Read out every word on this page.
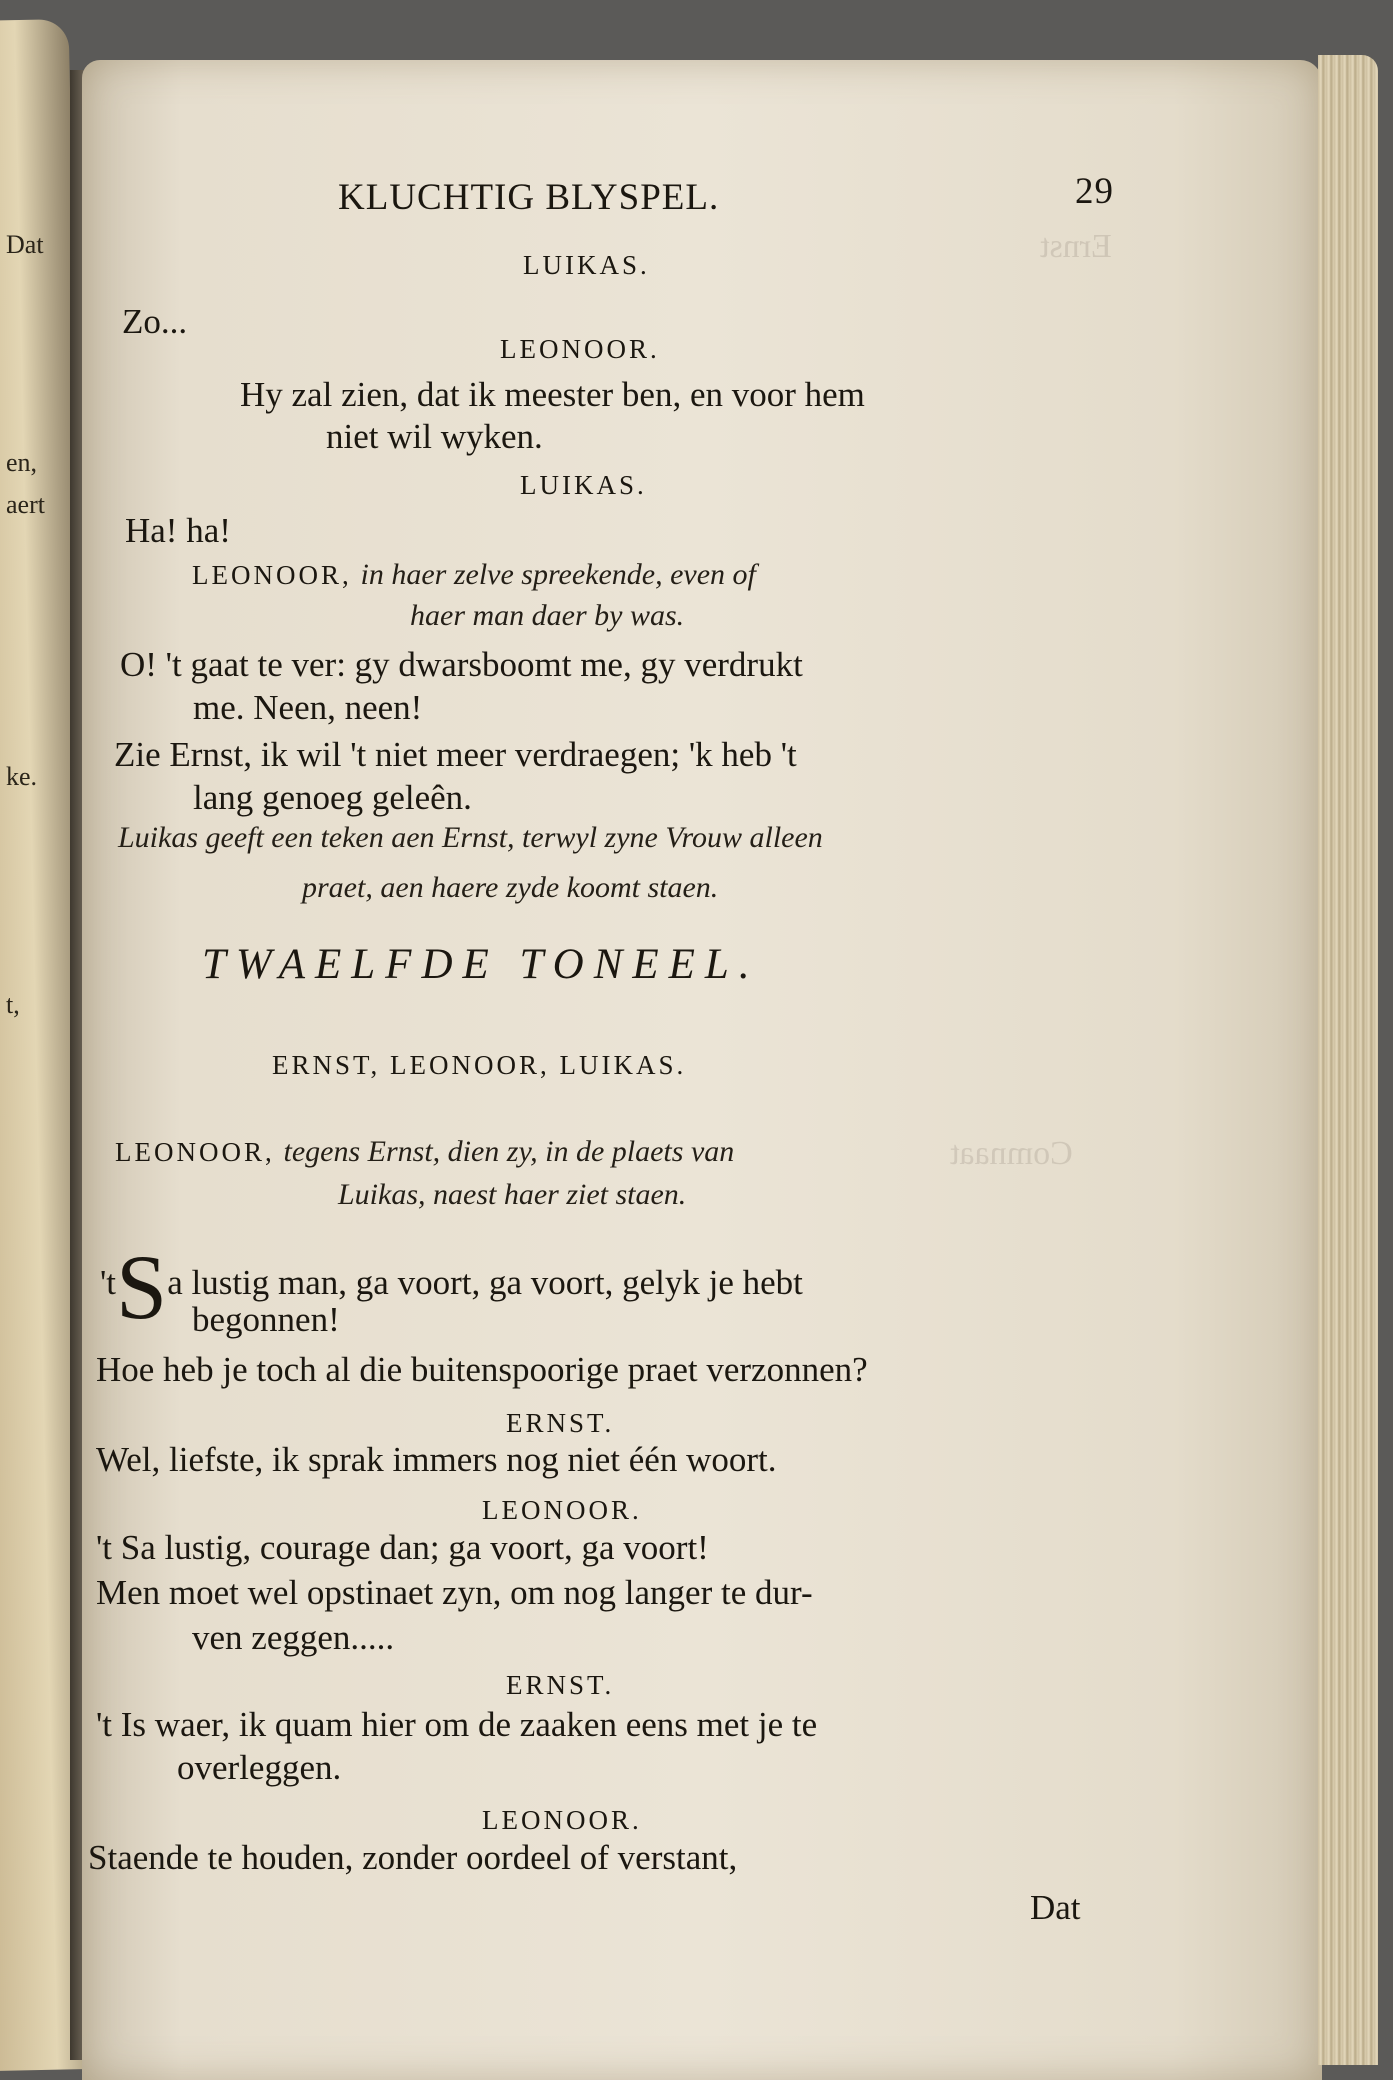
Dat
en,
aert
ke.
t,
Ernst
Comnaat
KLUCHTIG BLYSPEL.	29
LUIKAS.
Zo...
LEONOOR.
Hy zal zien, dat ik meester ben, en voor hem
niet wil wyken.
LUIKAS.
Ha! ha!
LEONOOR, in haer zelve spreekende, even of
haer man daer by was.
O! 't gaat te ver: gy dwarsboomt me, gy verdrukt
me. Neen, neen!
Zie Ernst, ik wil 't niet meer verdraegen; 'k heb 't
lang genoeg geleên.
Luikas geeft een teken aen Ernst, terwyl zyne Vrouw alleen
praet, aen haere zyde koomt staen.
TWAELFDE TONEEL.
ERNST, LEONOOR, LUIKAS.
LEONOOR, tegens Ernst, dien zy, in de plaets van
Luikas, naest haer ziet staen.
'tSa lustig man, ga voort, ga voort, gelyk je hebt
begonnen!
Hoe heb je toch al die buitenspoorige praet verzonnen?
ERNST.
Wel, liefste, ik sprak immers nog niet één woort.
LEONOOR.
't Sa lustig, courage dan; ga voort, ga voort!
Men moet wel opstinaet zyn, om nog langer te dur-
ven zeggen.....
ERNST.
't Is waer, ik quam hier om de zaaken eens met je te
overleggen.
LEONOOR.
Staende te houden, zonder oordeel of verstant,
Dat
